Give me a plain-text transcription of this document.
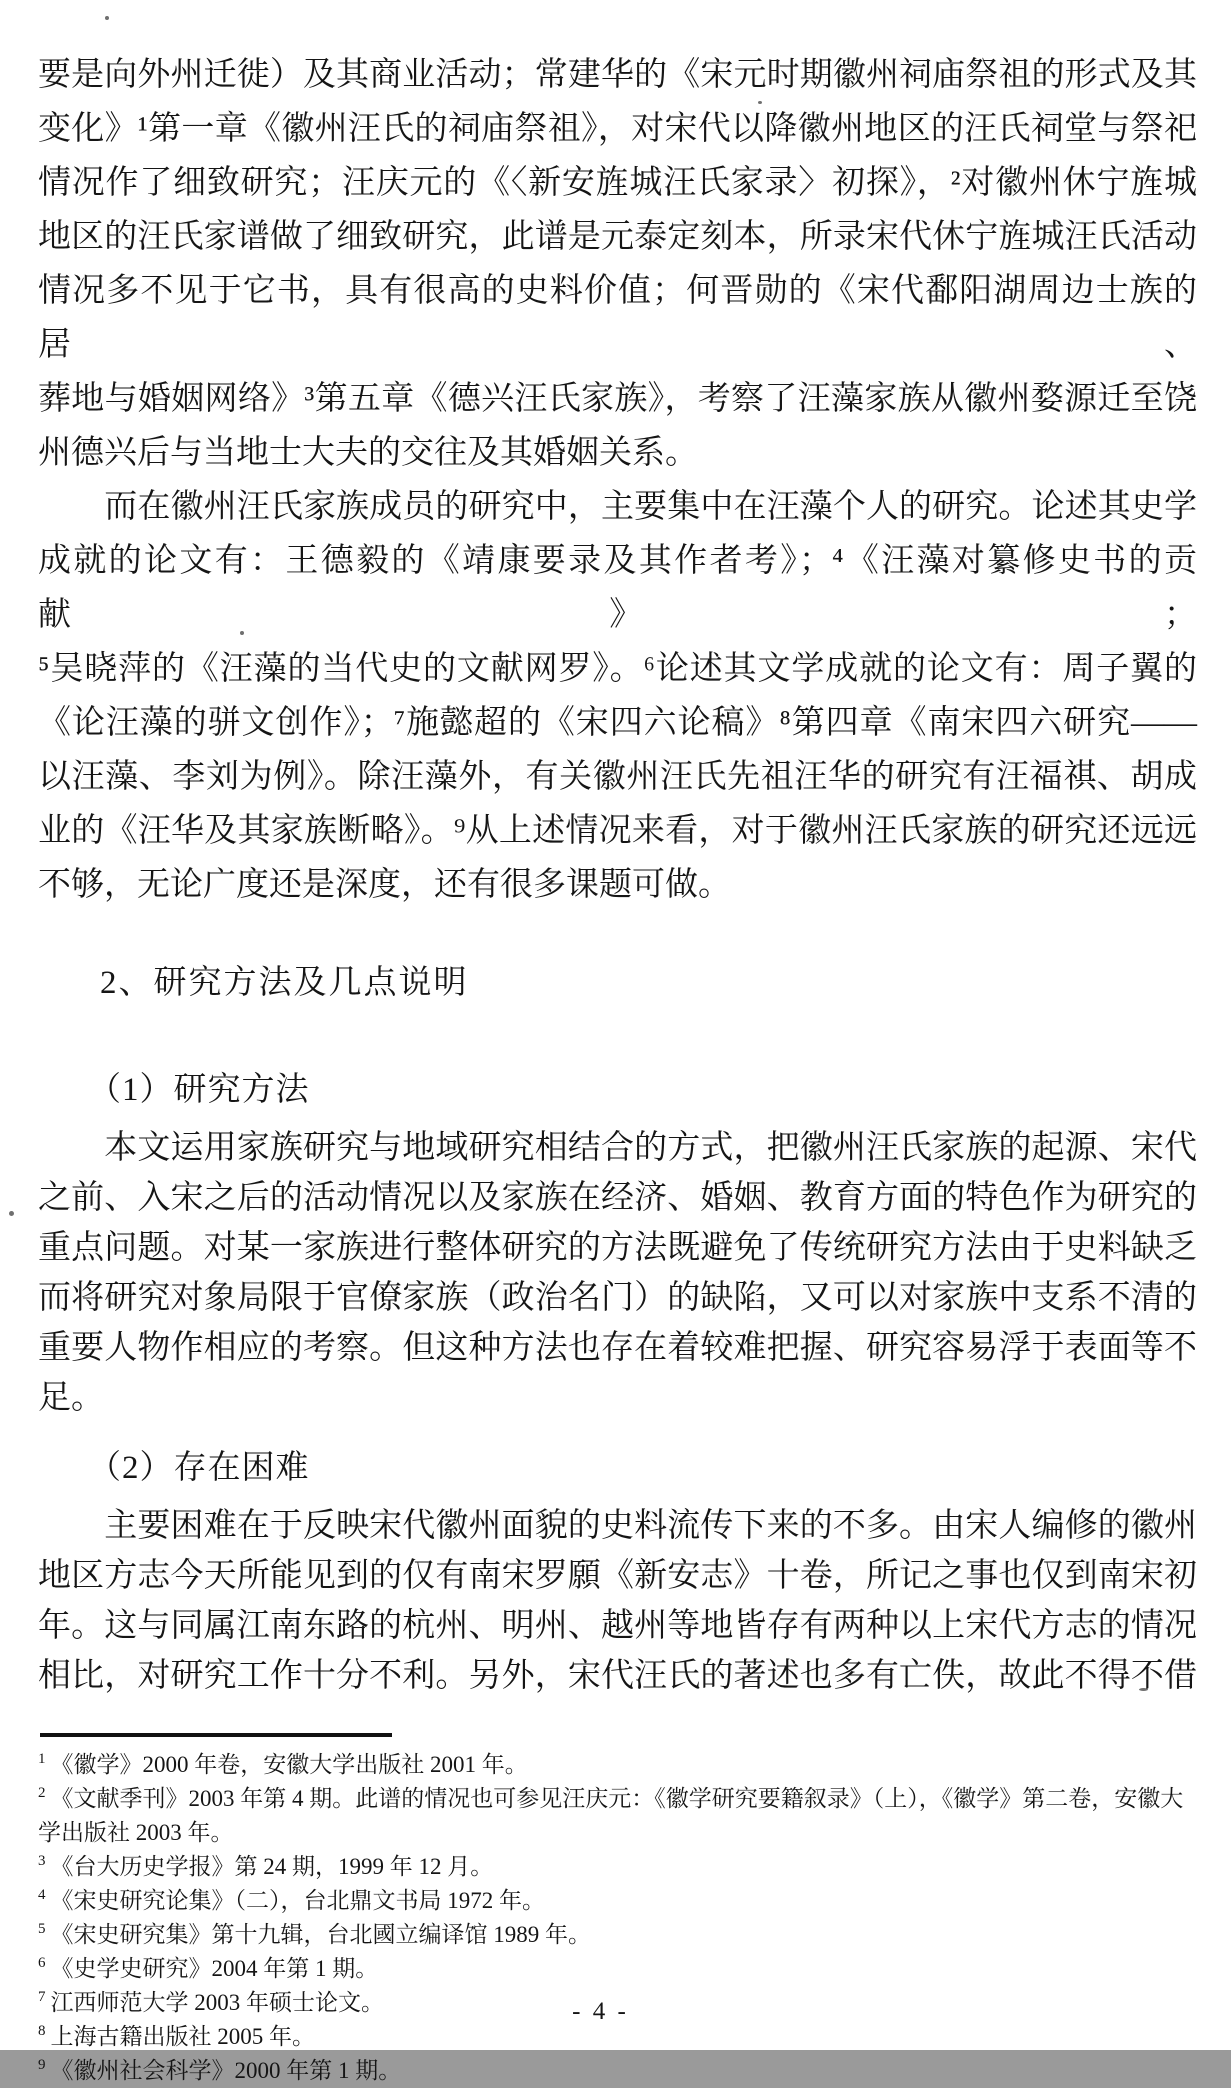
要是向外州迁徙）及其商业活动；常建华的《宋元时期徽州祠庙祭祖的形式及其
变化》¹第一章《徽州汪氏的祠庙祭祖》，对宋代以降徽州地区的汪氏祠堂与祭祀
情况作了细致研究；汪庆元的《〈新安旌城汪氏家录〉初探》，²对徽州休宁旌城
地区的汪氏家谱做了细致研究，此谱是元泰定刻本，所录宋代休宁旌城汪氏活动
情况多不见于它书，具有很高的史料价值；何晋勋的《宋代鄱阳湖周边士族的居、
葬地与婚姻网络》³第五章《德兴汪氏家族》，考察了汪藻家族从徽州婺源迁至饶
州德兴后与当地士大夫的交往及其婚姻关系。
　　而在徽州汪氏家族成员的研究中，主要集中在汪藻个人的研究。论述其史学
成就的论文有：王德毅的《靖康要录及其作者考》；⁴《汪藻对纂修史书的贡献》；
⁵吴晓萍的《汪藻的当代史的文献网罗》。⁶论述其文学成就的论文有：周子翼的
《论汪藻的骈文创作》；⁷施懿超的《宋四六论稿》⁸第四章《南宋四六研究——
以汪藻、李刘为例》。除汪藻外，有关徽州汪氏先祖汪华的研究有汪福祺、胡成
业的《汪华及其家族断略》。⁹从上述情况来看，对于徽州汪氏家族的研究还远远
不够，无论广度还是深度，还有很多课题可做。
2、研究方法及几点说明
（1）研究方法
　　本文运用家族研究与地域研究相结合的方式，把徽州汪氏家族的起源、宋代
之前、入宋之后的活动情况以及家族在经济、婚姻、教育方面的特色作为研究的
重点问题。对某一家族进行整体研究的方法既避免了传统研究方法由于史料缺乏
而将研究对象局限于官僚家族（政治名门）的缺陷，又可以对家族中支系不清的
重要人物作相应的考察。但这种方法也存在着较难把握、研究容易浮于表面等不
足。
（2）存在困难
　　主要困难在于反映宋代徽州面貌的史料流传下来的不多。由宋人编修的徽州
地区方志今天所能见到的仅有南宋罗願《新安志》十卷，所记之事也仅到南宋初
年。这与同属江南东路的杭州、明州、越州等地皆存有两种以上宋代方志的情况
相比，对研究工作十分不利。另外，宋代汪氏的著述也多有亡佚，故此不得不借
$^1$ 《徽学》2000 年卷，安徽大学出版社 2001 年。
$^2$ 《文献季刊》2003 年第 4 期。此谱的情况也可参见汪庆元：《徽学研究要籍叙录》（上），《徽学》第二卷，安徽大学出版社 2003 年。
$^3$ 《台大历史学报》第 24 期，1999 年 12 月。
$^4$ 《宋史研究论集》（二），台北鼎文书局 1972 年。
$^5$ 《宋史研究集》第十九辑，台北國立编译馆 1989 年。
$^6$ 《史学史研究》2004 年第 1 期。
$^7$ 江西师范大学 2003 年硕士论文。
$^8$ 上海古籍出版社 2005 年。
$^9$ 《徽州社会科学》2000 年第 1 期。
- 4 -
